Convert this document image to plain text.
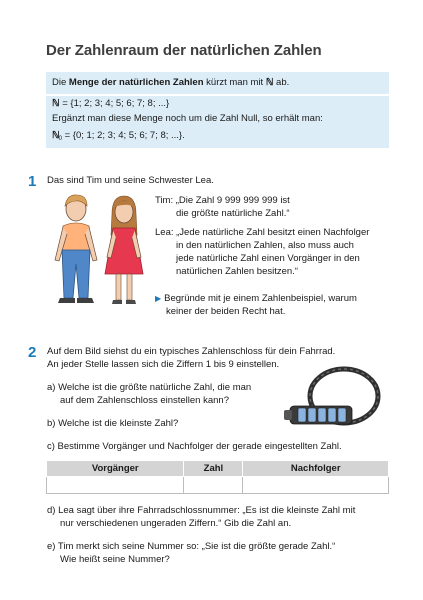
Der Zahlenraum der natürlichen Zahlen
Die Menge der natürlichen Zahlen kürzt man mit ℕ ab.
ℕ = {1; 2; 3; 4; 5; 6; 7; 8; ...}
Ergänzt man diese Menge noch um die Zahl Null, so erhält man:
ℕ$_0$ = {0; 1; 2; 3; 4; 5; 6; 7; 8; ...}.
1 Das sind Tim und seine Schwester Lea.
Tim: „Die Zahl 9 999 999 999 ist
die größte natürliche Zahl.“
Lea: „Jede natürliche Zahl besitzt einen Nachfolger
in den natürlichen Zahlen, also muss auch
jede natürliche Zahl einen Vorgänger in den
natürlichen Zahlen besitzen.“
▶ Begründe mit je einem Zahlenbeispiel, warum
keiner der beiden Recht hat.
2 Auf dem Bild siehst du ein typisches Zahlenschloss für dein Fahrrad.
An jeder Stelle lassen sich die Ziffern 1 bis 9 einstellen.
a) Welche ist die größte natürliche Zahl, die man
auf dem Zahlenschloss einstellen kann?
b) Welche ist die kleinste Zahl?
c) Bestimme Vorgänger und Nachfolger der gerade eingestellten Zahl.
Vorgänger	Zahl	Nachfolger

d) Lea sagt über ihre Fahrradschlossnummer: „Es ist die kleinste Zahl mit
nur verschiedenen ungeraden Ziffern.“ Gib die Zahl an.
e) Tim merkt sich seine Nummer so: „Sie ist die größte gerade Zahl.“
Wie heißt seine Nummer?
